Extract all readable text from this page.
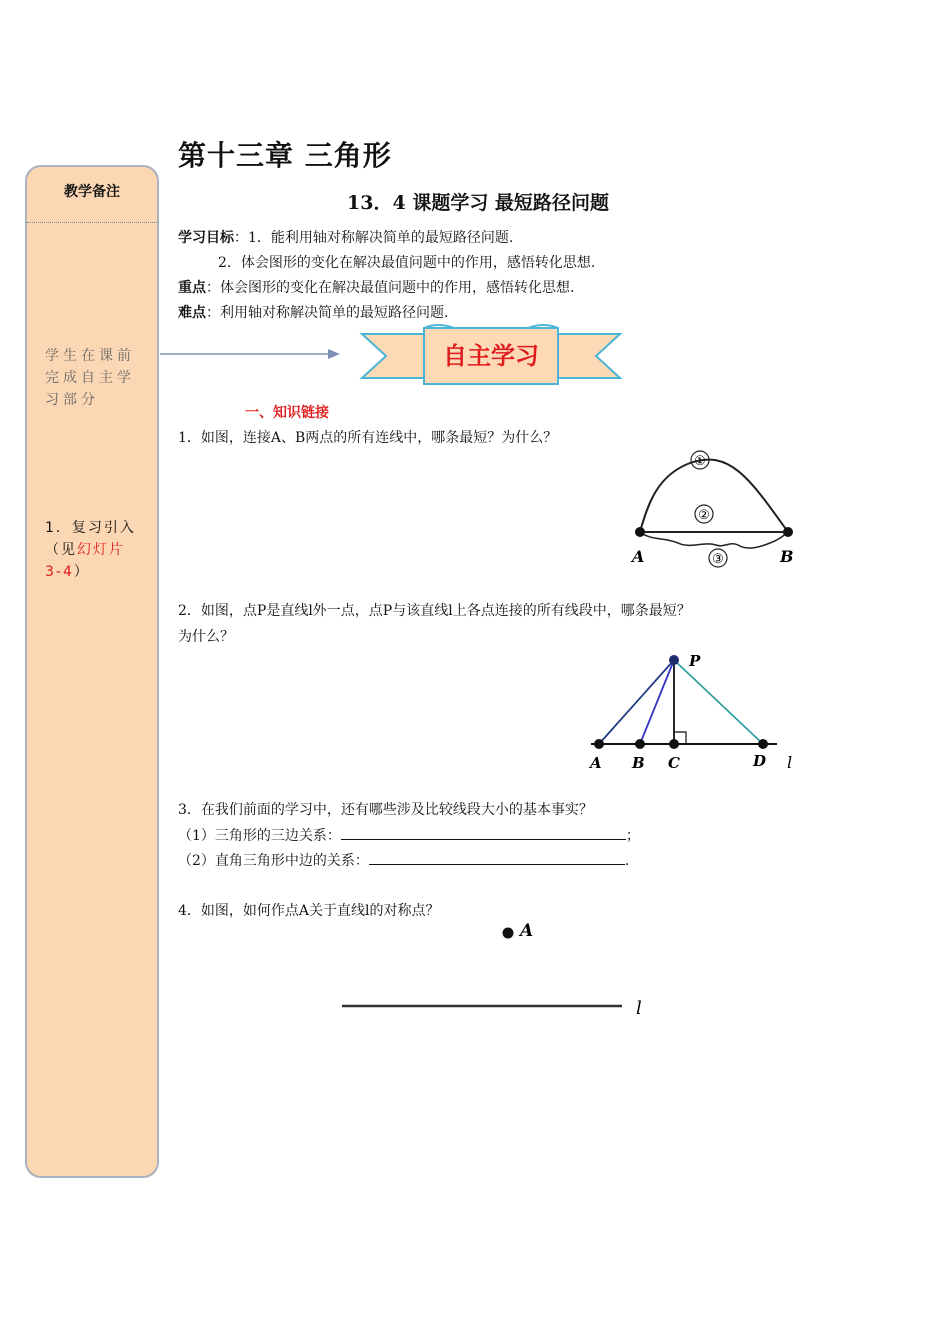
第十三章 三角形
教学备注
学生在课前完成自主学习部分
1．复习引入
（见幻灯片
3-4）
13．4 课题学习 最短路径问题
学习目标：1．能利用轴对称解决简单的最短路径问题.
2．体会图形的变化在解决最值问题中的作用，感悟转化思想.
重点：体会图形的变化在解决最值问题中的作用，感悟转化思想.
难点：利用轴对称解决简单的最短路径问题.
自主学习
一、知识链接
1．如图，连接A、B两点的所有连线中，哪条最短？为什么？
①
②
③
A	B
2．如图，点P是直线l外一点，点P与该直线l上各点连接的所有线段中，哪条最短？
为什么？
P
A B C	D l
3．在我们前面的学习中，还有哪些涉及比较线段大小的基本事实？
（1）三角形的三边关系：	；
（2）直角三角形中边的关系：	.
4．如图，如何作点A关于直线l的对称点？
A
l
